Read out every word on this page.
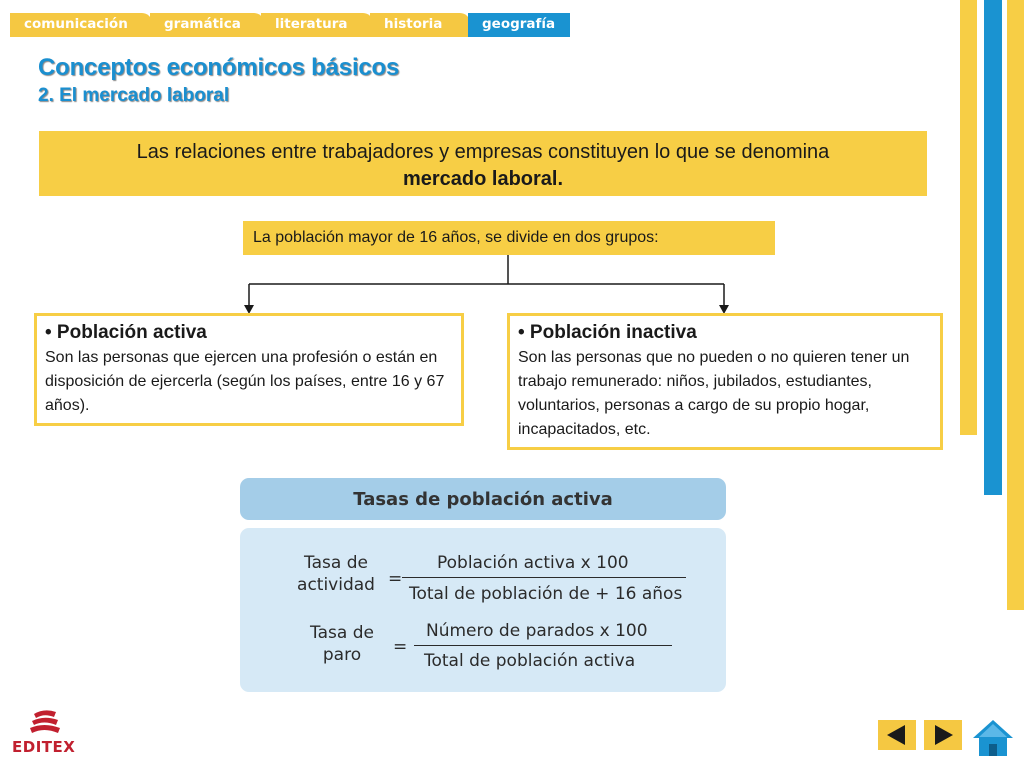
comunicación	gramática	literatura	historia	geografía
Conceptos económicos básicos
2. El mercado laboral
Las relaciones entre trabajadores y empresas constituyen lo que se denomina
mercado laboral.
La población mayor de 16 años, se divide en dos grupos:

• Población activa

Son las personas que ejercen una profesión o están en disposición de ejercerla (según los países, entre 16 y 67 años).

• Población inactiva

Son las personas que no pueden o no quieren tener un trabajo remunerado: niños, jubilados, estudiantes, voluntarios, personas a cargo de su propio hogar, incapacitados, etc.

Tasas de población activa
Tasa de
actividad =
Población activa x 100
Total de población de + 16 años
Tasa de
paro	=
Número de parados x 100
Total de población activa
EDITEX
